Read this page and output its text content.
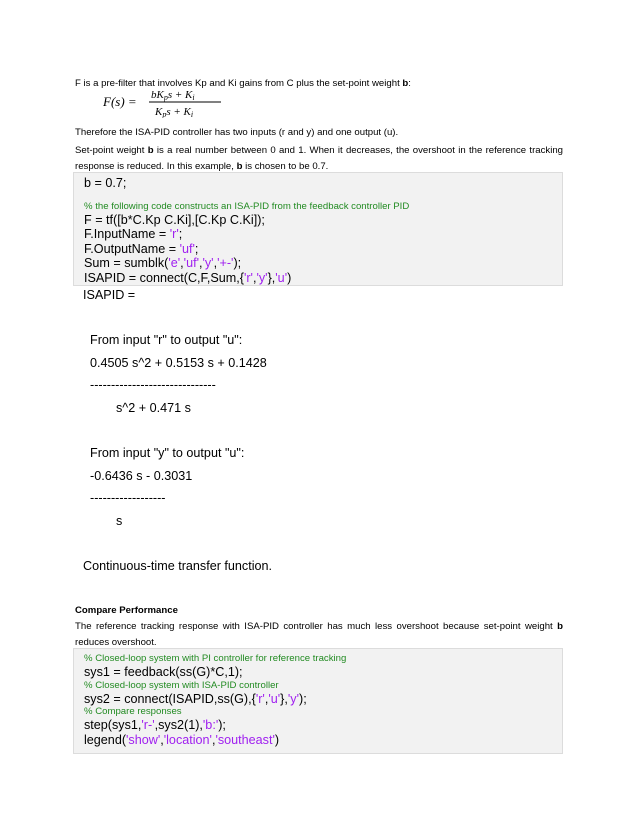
F is a pre-filter that involves Kp and Ki gains from C plus the set-point weight b:

F(s) = bKps + Ki
Kps + Ki

Therefore the ISA-PID controller has two inputs (r and y) and one output (u).

Set-point weight b is a real number between 0 and 1. When it decreases, the overshoot in the reference tracking response is reduced. In this example, b is chosen to be 0.7.

b = 0.7;
% the following code constructs an ISA-PID from the feedback controller PID
F = tf([b*C.Kp C.Ki],[C.Kp C.Ki]);
F.InputName = 'r';
F.OutputName = 'uf';
Sum = sumblk('e','uf','y','+-');
ISAPID = connect(C,F,Sum,{'r','y'},'u')
ISAPID =
From input "r" to output "u":
0.4505 s^2 + 0.5153 s + 0.1428
------------------------------
s^2 + 0.471 s
From input "y" to output "u":
-0.6436 s - 0.3031
------------------
s
Continuous-time transfer function.

Compare Performance

The reference tracking response with ISA-PID controller has much less overshoot because set-point weight b reduces overshoot.

% Closed-loop system with PI controller for reference tracking
sys1 = feedback(ss(G)*C,1);
% Closed-loop system with ISA-PID controller
sys2 = connect(ISAPID,ss(G),{'r','u'},'y');
% Compare responses
step(sys1,'r-',sys2(1),'b:');
legend('show','location','southeast')
